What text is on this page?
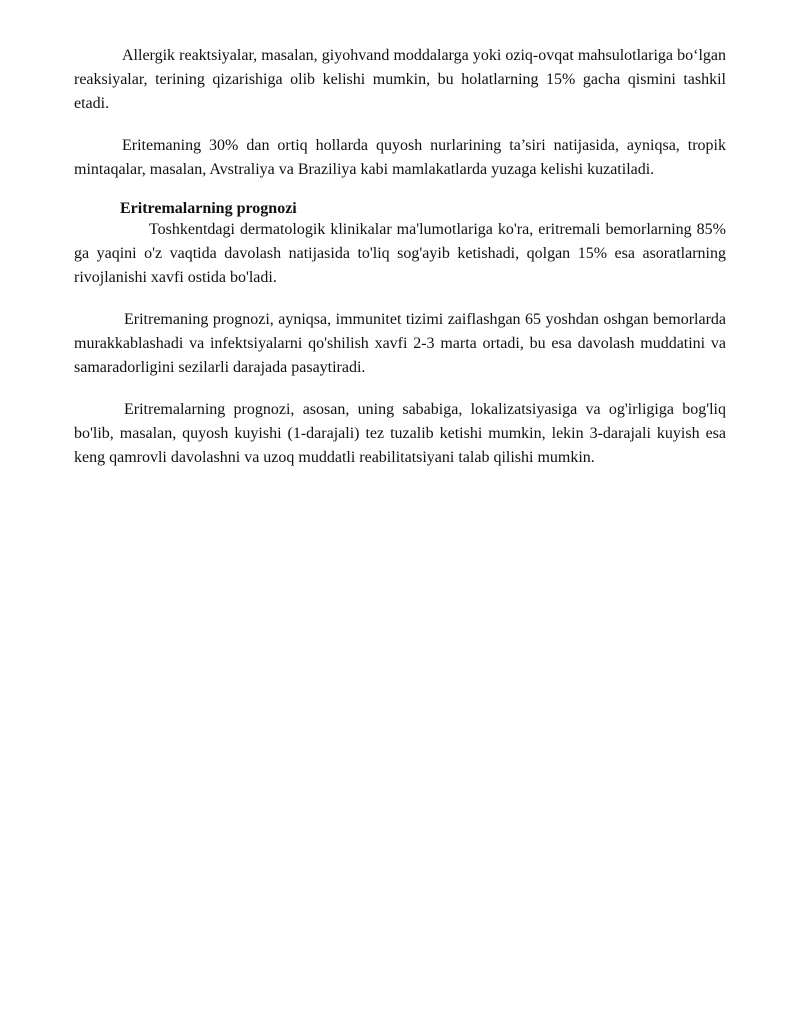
Allergik reaktsiyalar, masalan, giyohvand moddalarga yoki oziq-ovqat mahsulotlariga bo‘lgan reaksiyalar, terining qizarishiga olib kelishi mumkin, bu holatlarning 15% gacha qismini tashkil etadi.

Eritemaning 30% dan ortiq hollarda quyosh nurlarining ta’siri natijasida, ayniqsa, tropik mintaqalar, masalan, Avstraliya va Braziliya kabi mamlakatlarda yuzaga kelishi kuzatiladi.

Eritremalarning prognozi

Toshkentdagi dermatologik klinikalar ma'lumotlariga ko'ra, eritremali bemorlarning 85% ga yaqini o'z vaqtida davolash natijasida to'liq sog'ayib ketishadi, qolgan 15% esa asoratlarning rivojlanishi xavfi ostida bo'ladi.

Eritremaning prognozi, ayniqsa, immunitet tizimi zaiflashgan 65 yoshdan oshgan bemorlarda murakkablashadi va infektsiyalarni qo'shilish xavfi 2-3 marta ortadi, bu esa davolash muddatini va samaradorligini sezilarli darajada pasaytiradi.

Eritremalarning prognozi, asosan, uning sababiga, lokalizatsiyasiga va og'irligiga bog'liq bo'lib, masalan, quyosh kuyishi (1-darajali) tez tuzalib ketishi mumkin, lekin 3-darajali kuyish esa keng qamrovli davolashni va uzoq muddatli reabilitatsiyani talab qilishi mumkin.
